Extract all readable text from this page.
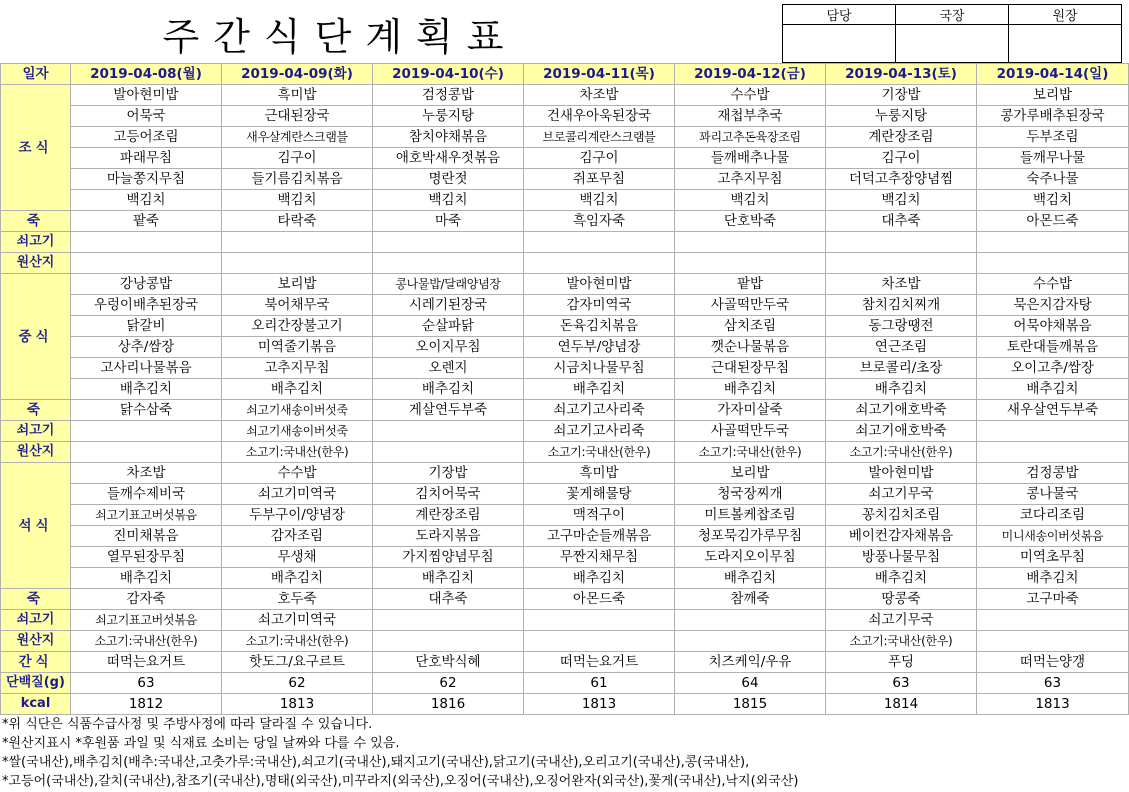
주간식단계획표	담당	국장	원장

일자	2019-04-08(월)	2019-04-09(화)	2019-04-10(수)	2019-04-11(목)	2019-04-12(금)	2019-04-13(토)	2019-04-14(일)
조식	발아현미밥	흑미밥	검정콩밥	차조밥	수수밥	기장밥	보리밥
	어묵국	근대된장국	누룽지탕	건새우아욱된장국	재첩부추국	누룽지탕	콩가루배추된장국
	고등어조림	새우살계란스크램블	참치야채볶음	브로콜리계란스크램블	꽈리고추돈육장조림	계란장조림	두부조림
	파래무침	김구이	애호박새우젓볶음	김구이	들깨배추나물	김구이	들깨무나물
	마늘쫑지무침	들기름김치볶음	명란젓	쥐포무침	고추지무침	더덕고추장양념찜	숙주나물
	백김치	백김치	백김치	백김치	백김치	백김치	백김치
죽	팥죽	타락죽	마죽	흑임자죽	단호박죽	대추죽	아몬드죽
쇠고기							
원산지							
중식	강낭콩밥	보리밥	콩나물밥/달래양념장	발아현미밥	팥밥	차조밥	수수밥
	우렁이배추된장국	북어채무국	시레기된장국	감자미역국	사골떡만두국	참치김치찌개	묵은지감자탕
	닭갈비	오리간장불고기	순살파닭	돈육김치볶음	삼치조림	동그랑땡전	어묵야채볶음
	상추/쌈장	미역줄기볶음	오이지무침	연두부/양념장	깻순나물볶음	연근조림	토란대들깨볶음
	고사리나물볶음	고추지무침	오렌지	시금치나물무침	근대된장무침	브로콜리/초장	오이고추/쌈장
	배추김치	배추김치	배추김치	배추김치	배추김치	배추김치	배추김치
죽	닭수삼죽	쇠고기새송이버섯죽	게살연두부죽	쇠고기고사리죽	가자미살죽	쇠고기애호박죽	새우살연두부죽
쇠고기		쇠고기새송이버섯죽		쇠고기고사리죽	사골떡만두국	쇠고기애호박죽	
원산지		소고기:국내산(한우)		소고기:국내산(한우)	소고기:국내산(한우)	소고기:국내산(한우)	
석식	차조밥	수수밥	기장밥	흑미밥	보리밥	발아현미밥	검정콩밥
	들깨수제비국	쇠고기미역국	김치어묵국	꽃게해물탕	청국장찌개	쇠고기무국	콩나물국
	쇠고기표고버섯볶음	두부구이/양념장	계란장조림	맥적구이	미트볼케찹조림	꽁치김치조림	코다리조림
	진미채볶음	감자조림	도라지볶음	고구마순들깨볶음	청포묵김가루무침	베이컨감자채볶음	미니새송이버섯볶음
	열무된장무침	무생채	가지찜양념무침	무짠지채무침	도라지오이무침	방풍나물무침	미역초무침
	배추김치	배추김치	배추김치	배추김치	배추김치	배추김치	배추김치
죽	감자죽	호두죽	대추죽	아몬드죽	참깨죽	땅콩죽	고구마죽
쇠고기	쇠고기표고버섯볶음	쇠고기미역국				쇠고기무국	
원산지	소고기:국내산(한우)	소고기:국내산(한우)				소고기:국내산(한우)	
간식	떠먹는요거트	핫도그/요구르트	단호박식혜	떠먹는요거트	치즈케익/우유	푸딩	떠먹는양갱
단백질(g)	63	62	62	61	64	63	63
kcal	1812	1813	1816	1813	1815	1814	1813
*위 식단은 식품수급사정 및 주방사정에 따라 달라질 수 있습니다.
*원산지표시 *후원품 과일 및 식재료 소비는 당일 날짜와 다를 수 있음.
*쌀(국내산),배추김치(배추:국내산,고춧가루:국내산),쇠고기(국내산),돼지고기(국내산),닭고기(국내산),오리고기(국내산),콩(국내산),
*고등어(국내산),갈치(국내산),참조기(국내산),명태(외국산),미꾸라지(외국산),오징어(국내산),오징어완자(외국산),꽃게(국내산),낙지(외국산)
